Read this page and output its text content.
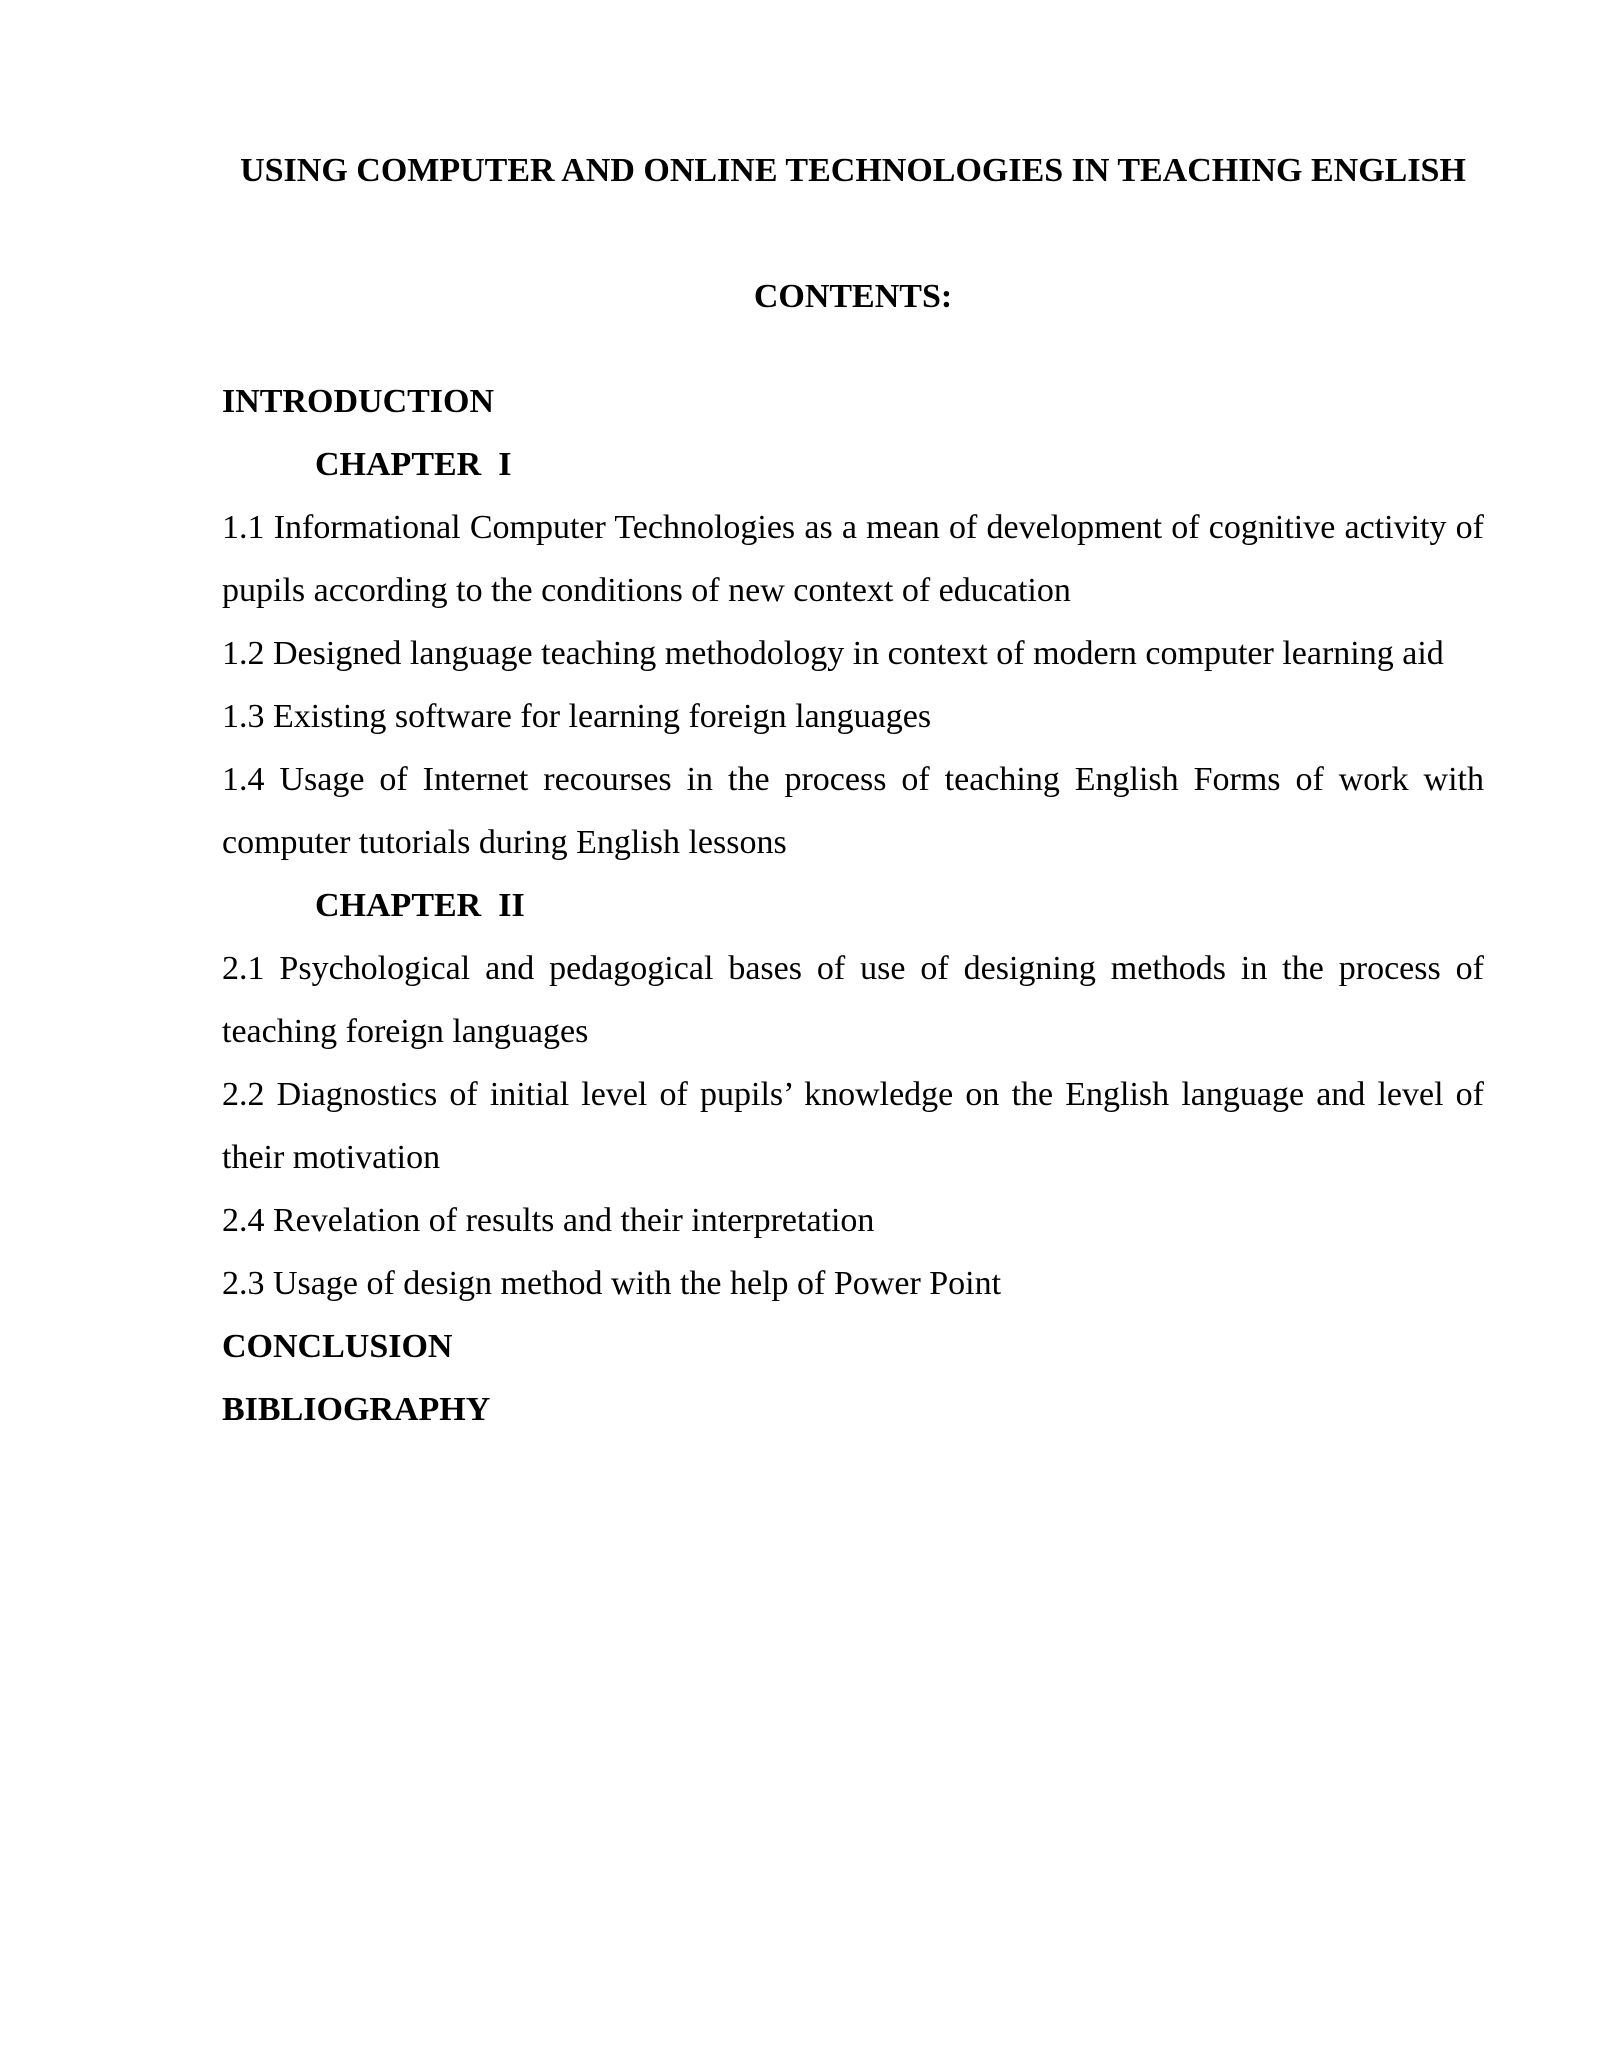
USING COMPUTER AND ONLINE TECHNOLOGIES IN TEACHING ENGLISH
CONTENTS:

INTRODUCTION

CHAPTER  I

1.1 Informational Computer Technologies as a mean of development of cognitive activity of pupils according to the conditions of new context of education

1.2 Designed language teaching methodology in context of modern computer learning aid

1.3 Existing software for learning foreign languages

1.4 Usage of Internet recourses in the process of teaching English Forms of work with computer tutorials during English lessons

CHAPTER  II

2.1 Psychological and pedagogical bases of use of designing methods in the process of teaching foreign languages

2.2 Diagnostics of initial level of pupils’ knowledge on the English language and level of their motivation

2.4 Revelation of results and their interpretation

2.3 Usage of design method with the help of Power Point

CONCLUSION

BIBLIOGRAPHY
